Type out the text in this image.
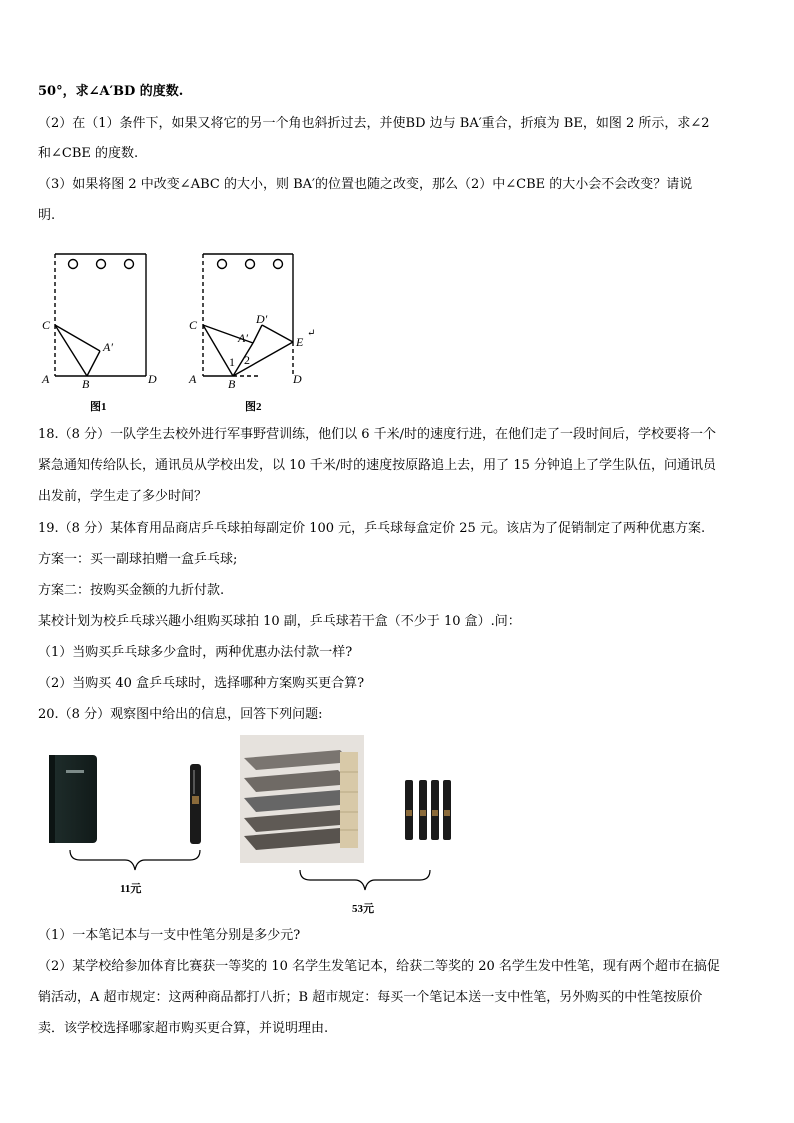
50°，求∠A′BD 的度数.
（2）在（1）条件下，如果又将它的另一个角也斜折过去，并使BD 边与 BA′重合，折痕为 BE，如图 2 所示，求∠2
和∠CBE 的度数.
（3）如果将图 2 中改变∠ABC 的大小，则 BA′的位置也随之改变，那么（2）中∠CBE 的大小会不会改变？请说
明.
C
A′
A	B	D
图1
C	D′
A′	E
↵
1 2
A	B	D
图2
18.（8 分）一队学生去校外进行军事野营训练，他们以 6 千米/时的速度行进，在他们走了一段时间后，学校要将一个
紧急通知传给队长，通讯员从学校出发，以 10 千米/时的速度按原路追上去，用了 15 分钟追上了学生队伍，问通讯员
出发前，学生走了多少时间？
19.（8 分）某体育用品商店乒乓球拍每副定价 100 元，乒乓球每盒定价 25 元。该店为了促销制定了两种优惠方案.
方案一：买一副球拍赠一盒乒乓球;
方案二：按购买金额的九折付款.
某校计划为校乒乓球兴趣小组购买球拍 10 副，乒乓球若干盒（不少于 10 盒）.问：
（1）当购买乒乓球多少盒时，两种优惠办法付款一样?
（2）当购买 40 盒乒乓球时，选择哪种方案购买更合算?
20.（8 分）观察图中给出的信息，回答下列问题:
11元
53元
（1）一本笔记本与一支中性笔分别是多少元?
（2）某学校给参加体育比赛获一等奖的 10 名学生发笔记本，给获二等奖的 20 名学生发中性笔，现有两个超市在搞促
销活动，A 超市规定：这两种商品都打八折；B 超市规定：每买一个笔记本送一支中性笔，另外购买的中性笔按原价
卖．该学校选择哪家超市购买更合算，并说明理由.
